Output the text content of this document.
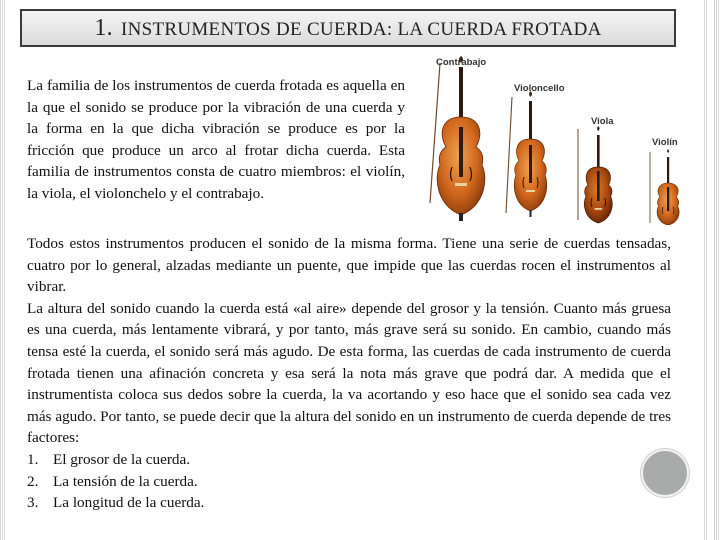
1. INSTRUMENTOS DE CUERDA: LA CUERDA FROTADA
La familia de los instrumentos de cuerda frotada es aquella en la que el sonido se produce por la vibración de una cuerda y la forma en la que dicha vibración se produce es por la fricción que produce un arco al frotar dicha cuerda. Esta familia de instrumentos consta de cuatro miembros: el violín, la viola, el violonchelo y el contrabajo.
Contrabajo
Violoncello
Viola
Violín

Todos estos instrumentos producen el sonido de la misma forma. Tiene una serie de cuerdas tensadas, cuatro por lo general, alzadas mediante un puente, que impide que las cuerdas rocen el instrumentos al vibrar.

La altura del sonido cuando la cuerda está «al aire» depende del grosor y la tensión. Cuanto más gruesa es una cuerda, más lentamente vibrará, y por tanto, más grave será su sonido. En cambio, cuando más tensa esté la cuerda, el sonido será más agudo. De esta forma, las cuerdas de cada instrumento de cuerda frotada tienen una afinación concreta y esa será la nota más grave que podrá dar. A medida que el instrumentista coloca sus dedos sobre la cuerda, la va acortando y eso hace que el sonido sea cada vez más agudo. Por tanto, se puede decir que la altura del sonido en un instrumento de cuerda depende de tres factores:

1. El grosor de la cuerda.
2. La tensión de la cuerda.
3. La longitud de la cuerda.
